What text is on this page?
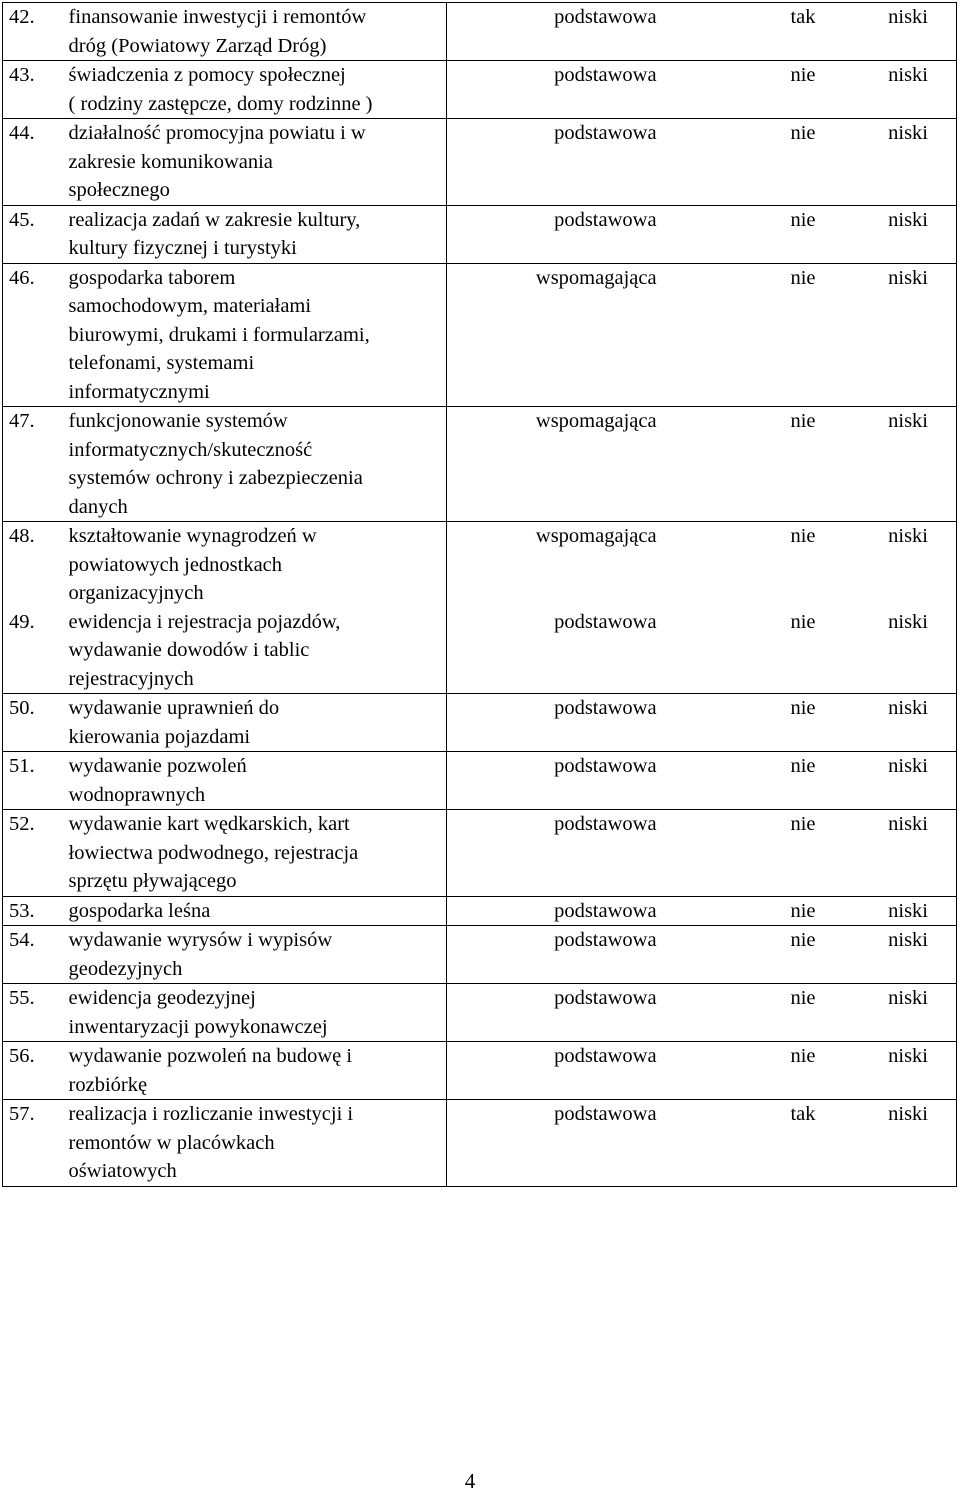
42.	finansowanie inwestycji i remontów
dróg (Powiatowy Zarząd Dróg)	podstawowa	tak	niski
43.	świadczenia z pomocy społecznej
( rodziny zastępcze, domy rodzinne )	podstawowa	nie	niski
44.	działalność promocyjna powiatu i w
zakresie komunikowania
społecznego	podstawowa	nie	niski
45.	realizacja zadań w zakresie kultury,
kultury fizycznej i turystyki	podstawowa	nie	niski
46.	gospodarka taborem
samochodowym, materiałami
biurowymi, drukami i formularzami,
telefonami, systemami
informatycznymi	wspomagająca	nie	niski
47.	funkcjonowanie systemów
informatycznych/skuteczność
systemów ochrony i zabezpieczenia
danych	wspomagająca	nie	niski
48.	kształtowanie wynagrodzeń w
powiatowych jednostkach
organizacyjnych	wspomagająca	nie	niski
49.	ewidencja i rejestracja pojazdów,
wydawanie dowodów i tablic
rejestracyjnych	podstawowa	nie	niski
50.	wydawanie uprawnień do
kierowania pojazdami	podstawowa	nie	niski
51.	wydawanie pozwoleń
wodnoprawnych	podstawowa	nie	niski
52.	wydawanie kart wędkarskich, kart
łowiectwa podwodnego, rejestracja
sprzętu pływającego	podstawowa	nie	niski
53.	gospodarka leśna	podstawowa	nie	niski
54.	wydawanie wyrysów i wypisów
geodezyjnych	podstawowa	nie	niski
55.	ewidencja geodezyjnej
inwentaryzacji powykonawczej	podstawowa	nie	niski
56.	wydawanie pozwoleń na budowę i
rozbiórkę	podstawowa	nie	niski
57.	realizacja i rozliczanie inwestycji i
remontów w placówkach
oświatowych	podstawowa	tak	niski
4
